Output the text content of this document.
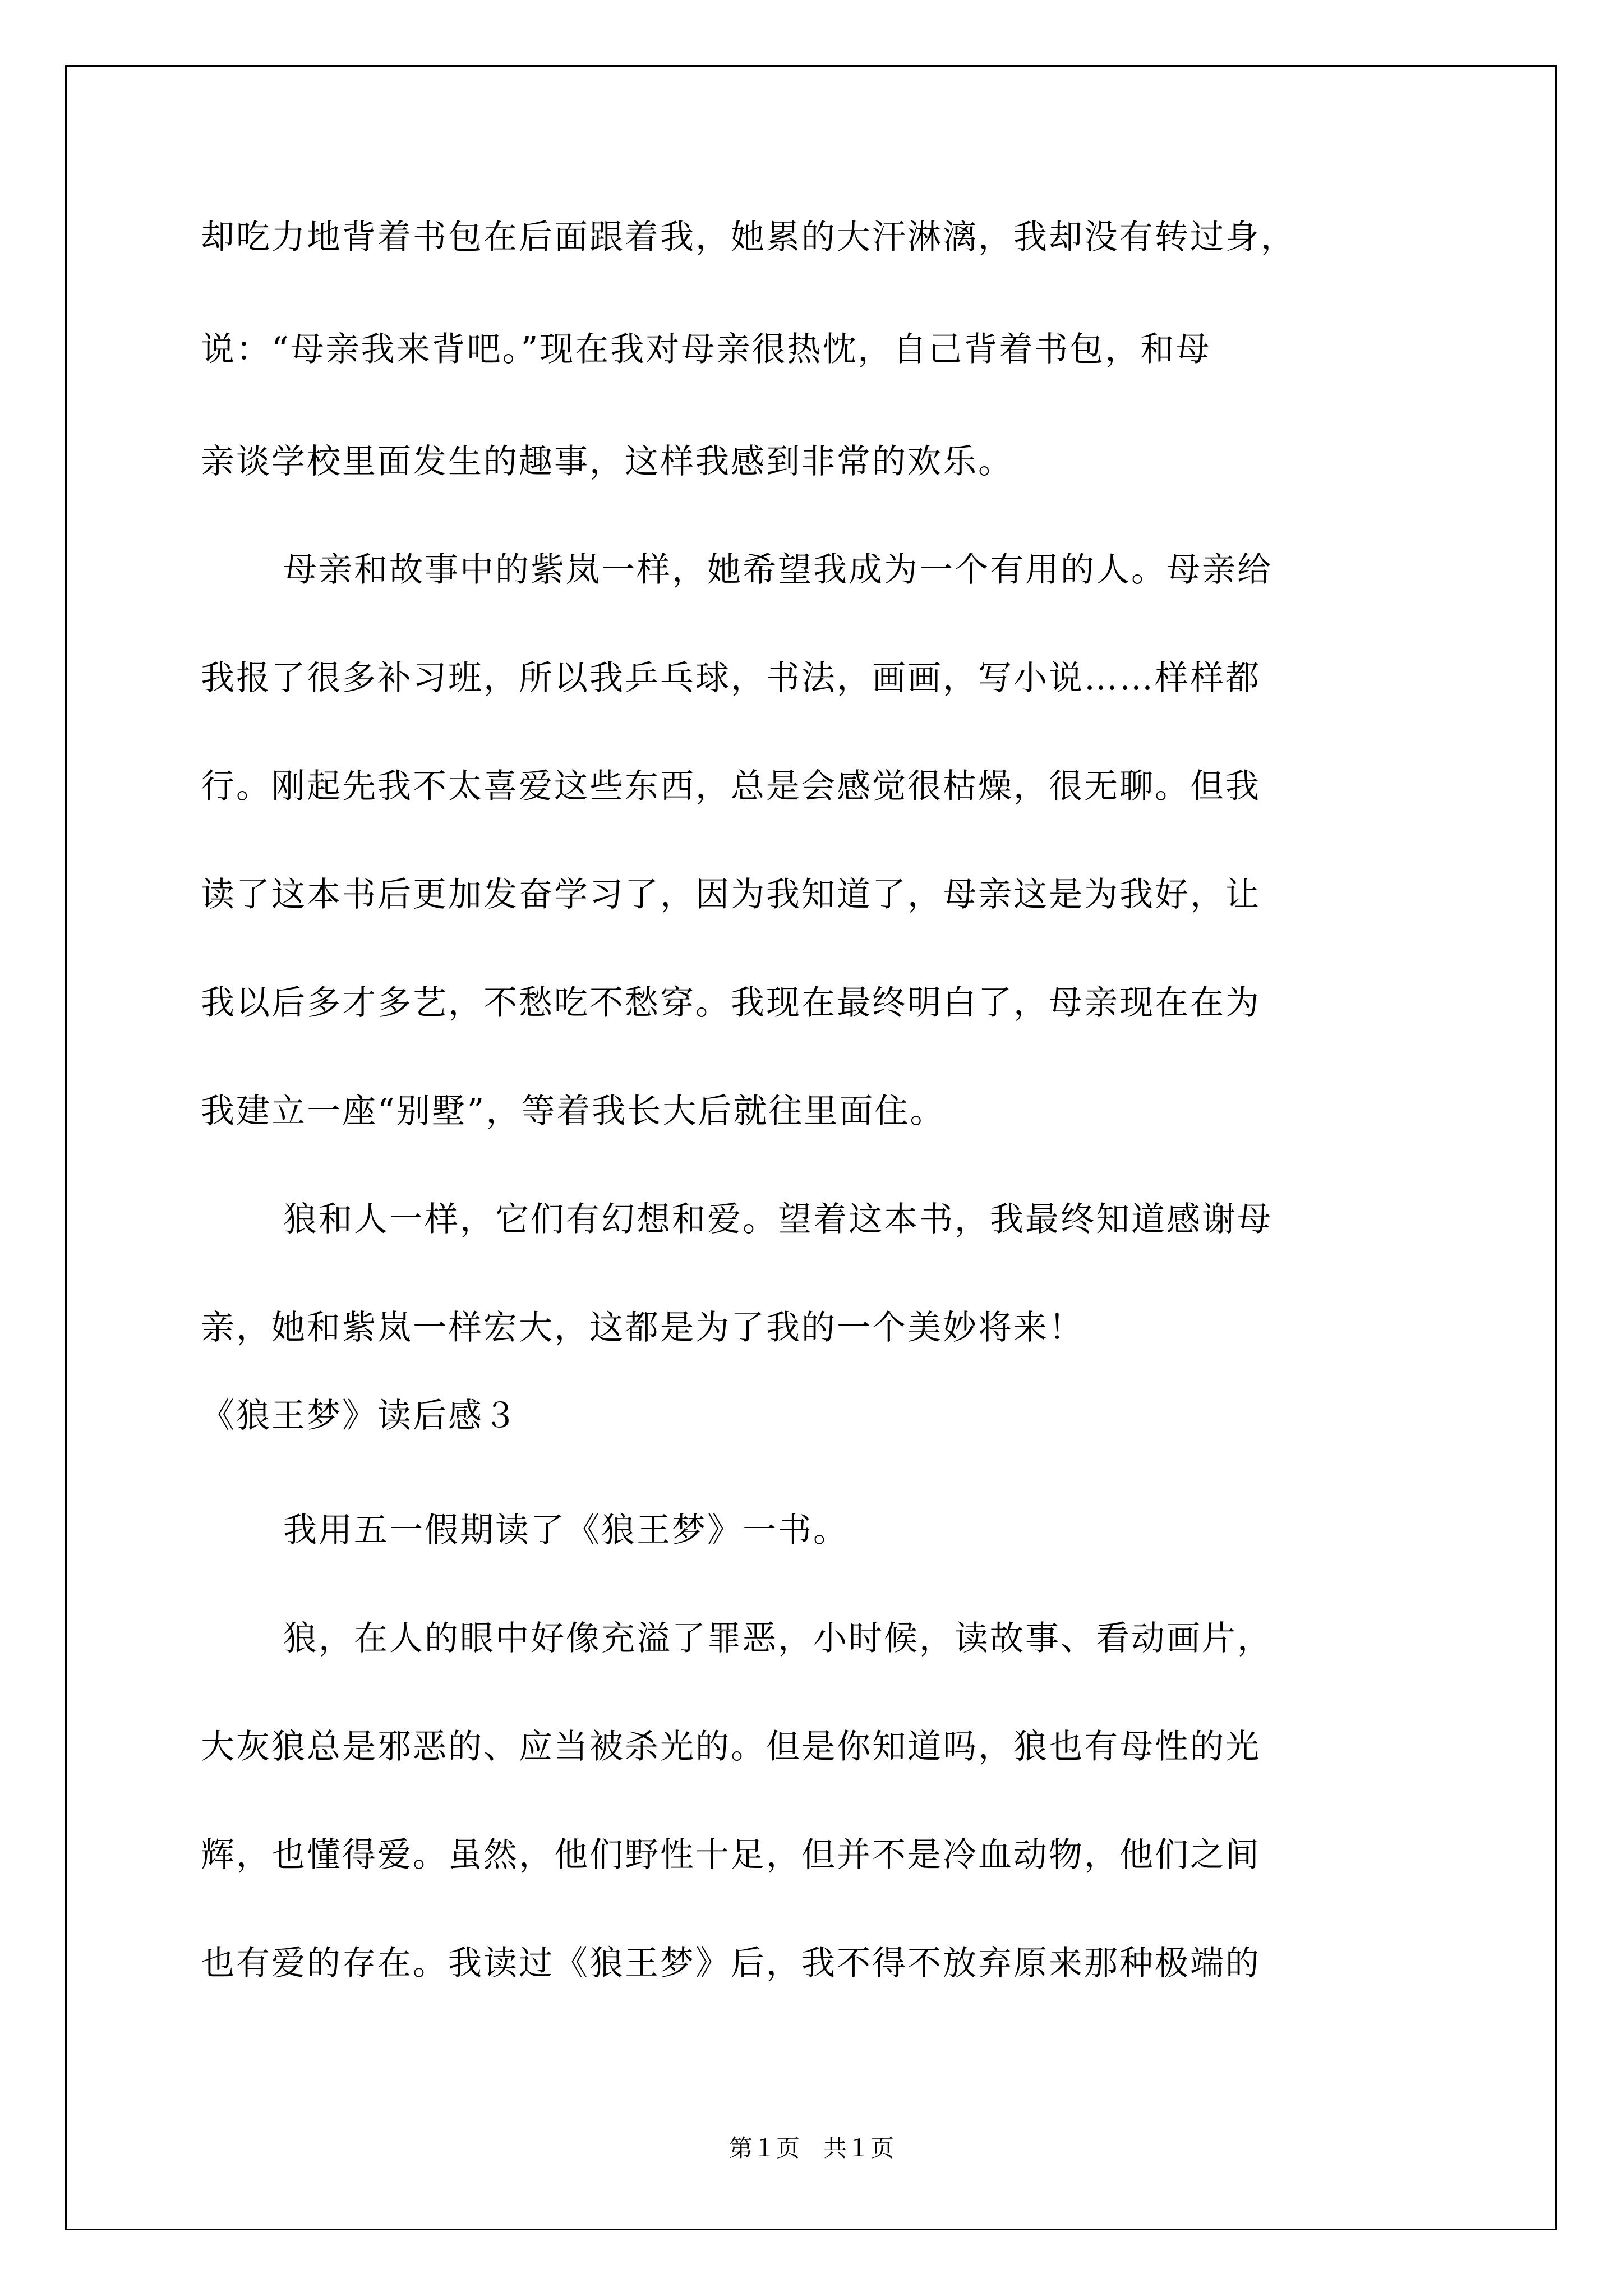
却吃力地背着书包在后面跟着我，她累的大汗淋漓，我却没有转过身，
说：“母亲我来背吧。”现在我对母亲很热忱，自己背着书包，和母
亲谈学校里面发生的趣事，这样我感到非常的欢乐。
母亲和故事中的紫岚一样，她希望我成为一个有用的人。母亲给
我报了很多补习班，所以我乒乓球，书法，画画，写小说……样样都
行。刚起先我不太喜爱这些东西，总是会感觉很枯燥，很无聊。但我
读了这本书后更加发奋学习了，因为我知道了，母亲这是为我好，让
我以后多才多艺，不愁吃不愁穿。我现在最终明白了，母亲现在在为
我建立一座“别墅”，等着我长大后就往里面住。
狼和人一样，它们有幻想和爱。望着这本书，我最终知道感谢母
亲，她和紫岚一样宏大，这都是为了我的一个美妙将来！
《狼王梦》读后感３
我用五一假期读了《狼王梦》一书。
狼，在人的眼中好像充溢了罪恶，小时候，读故事、看动画片，
大灰狼总是邪恶的、应当被杀光的。但是你知道吗，狼也有母性的光
辉，也懂得爱。虽然，他们野性十足，但并不是冷血动物，他们之间
也有爱的存在。我读过《狼王梦》后，我不得不放弃原来那种极端的
第１页　共１页
